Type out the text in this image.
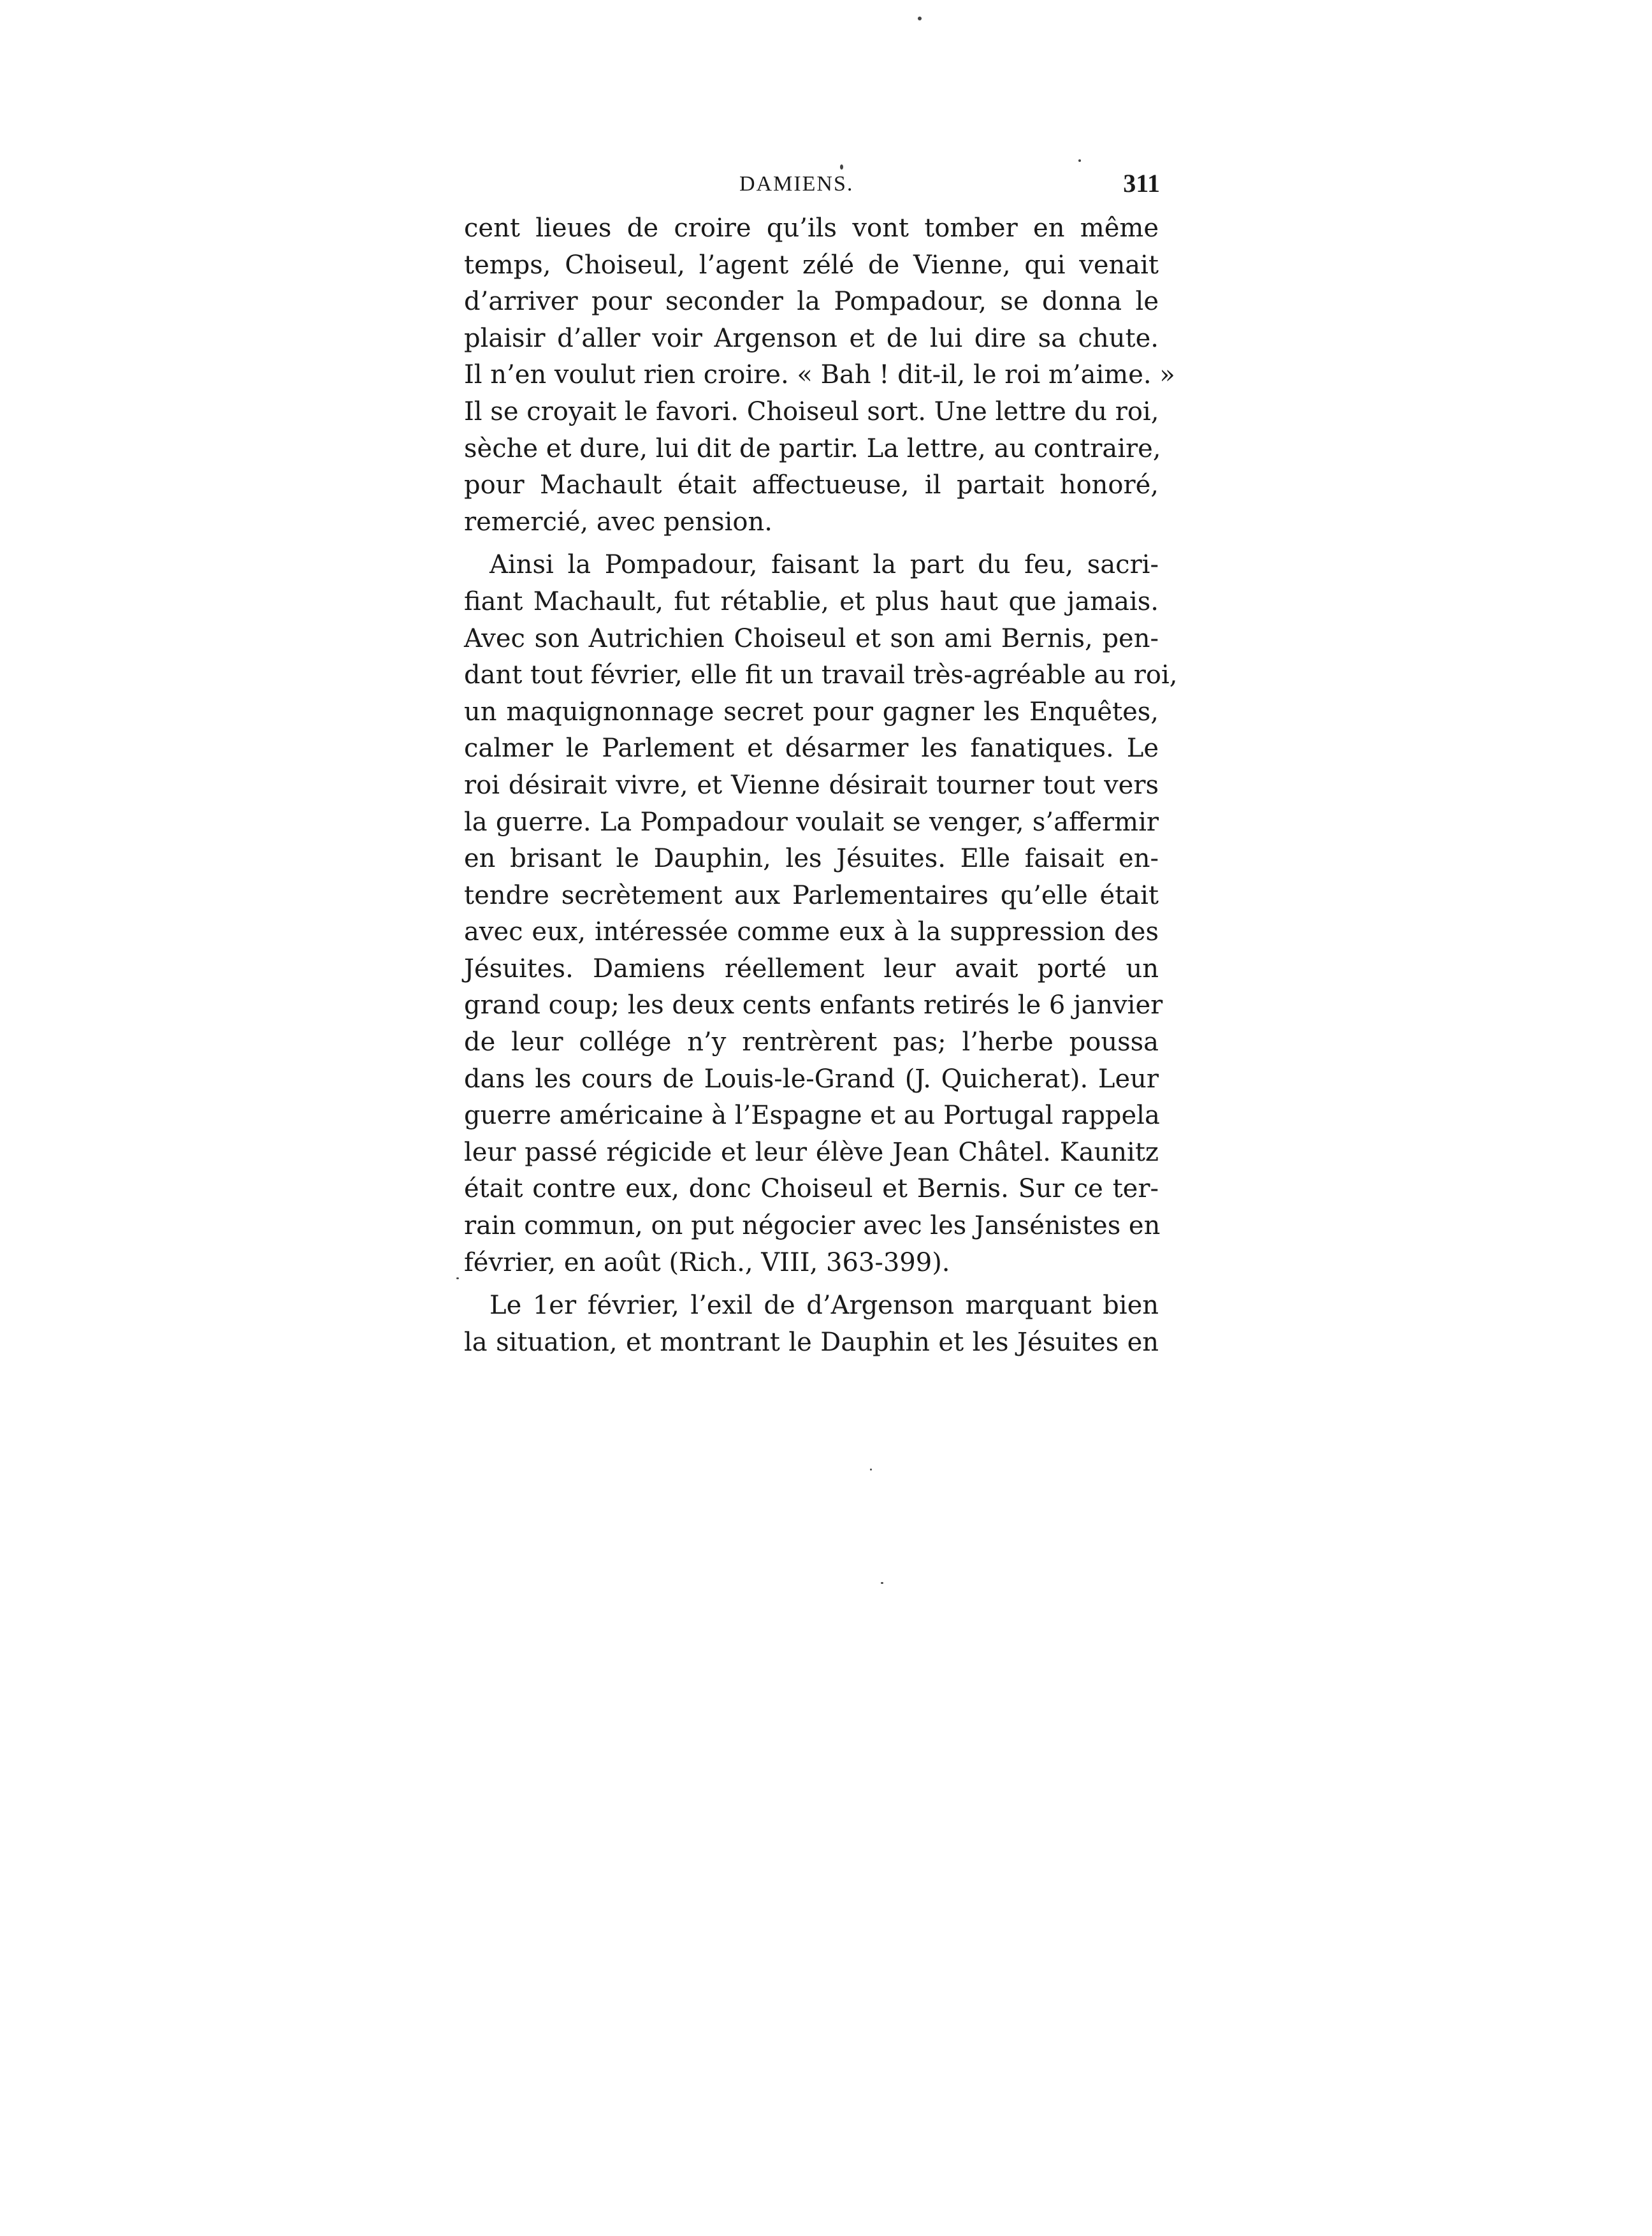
DAMIENS.	311
cent lieues de croire qu’ils vont tomber en même
temps, Choiseul, l’agent zélé de Vienne, qui venait
d’arriver pour seconder la Pompadour, se donna le
plaisir d’aller voir Argenson et de lui dire sa chute.
Il n’en voulut rien croire. « Bah ! dit-il, le roi m’aime. »
Il se croyait le favori. Choiseul sort. Une lettre du roi,
sèche et dure, lui dit de partir. La lettre, au contraire,
pour Machault était affectueuse, il partait honoré,
remercié, avec pension.
Ainsi la Pompadour, faisant la part du feu, sacri-
fiant Machault, fut rétablie, et plus haut que jamais.
Avec son Autrichien Choiseul et son ami Bernis, pen-
dant tout février, elle fit un travail très-agréable au roi,
un maquignonnage secret pour gagner les Enquêtes,
calmer le Parlement et désarmer les fanatiques. Le
roi désirait vivre, et Vienne désirait tourner tout vers
la guerre. La Pompadour voulait se venger, s’affermir
en brisant le Dauphin, les Jésuites. Elle faisait en-
tendre secrètement aux Parlementaires qu’elle était
avec eux, intéressée comme eux à la suppression des
Jésuites. Damiens réellement leur avait porté un
grand coup; les deux cents enfants retirés le 6 janvier
de leur collége n’y rentrèrent pas; l’herbe poussa
dans les cours de Louis-le-Grand (J. Quicherat). Leur
guerre américaine à l’Espagne et au Portugal rappela
leur passé régicide et leur élève Jean Châtel. Kaunitz
était contre eux, donc Choiseul et Bernis. Sur ce ter-
rain commun, on put négocier avec les Jansénistes en
février, en août (Rich., VIII, 363-399).
Le 1er février, l’exil de d’Argenson marquant bien
la situation, et montrant le Dauphin et les Jésuites en
